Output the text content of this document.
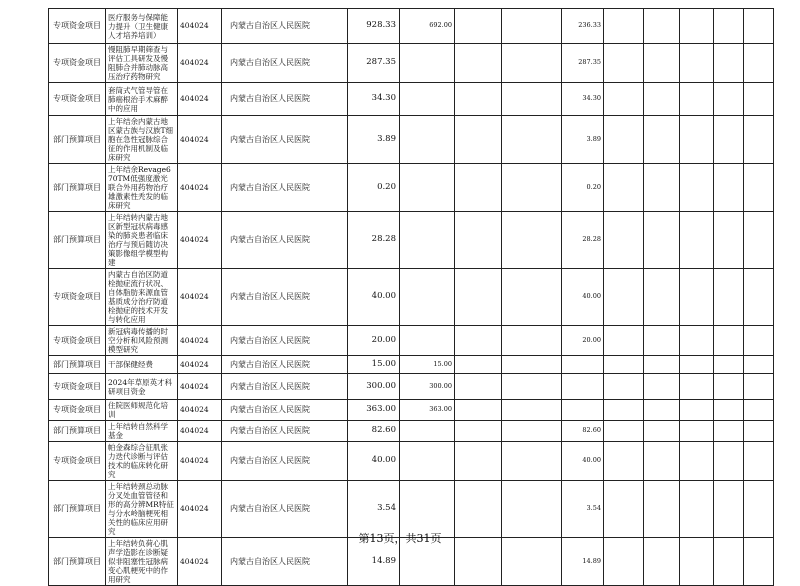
专项资金项目	医疗服务与保障能力提升（卫生健康人才培养培训）	404024	内蒙古自治区人民医院	928.33	692.00			236.33					
专项资金项目	慢阻肺早期筛查与评估工具研发及慢阻肺合并肺动脉高压治疗药物研究	404024	内蒙古自治区人民医院	287.35				287.35					
专项资金项目	套筒式气管导管在肺癌根治手术麻醉中的应用	404024	内蒙古自治区人民医院	34.30				34.30					
部门预算项目	上年结余内蒙古地区蒙古族与汉族T细胞在急性冠脉综合征的作用机制及临床研究	404024	内蒙古自治区人民医院	3.89				3.89					
部门预算项目	上年结余Revage670TM低强度激光联合外用药物治疗雄激素性秃发的临床研究	404024	内蒙古自治区人民医院	0.20				0.20					
部门预算项目	上年结转内蒙古地区新型冠状病毒感染的肺炎患者临床治疗与预后随访决策影像组学模型构建	404024	内蒙古自治区人民医院	28.28				28.28					
专项资金项目	内蒙古自治区防道栓抛症流行状况、自体脂肪来源血管基质成分治疗防道栓抛症的技术开发与转化应用	404024	内蒙古自治区人民医院	40.00				40.00					
专项资金项目	新冠病毒传播的时空分析和风险预测模型研究	404024	内蒙古自治区人民医院	20.00				20.00					
部门预算项目	干部保健经费	404024	内蒙古自治区人民医院	15.00	15.00								
专项资金项目	2024年草原英才科研项目资金	404024	内蒙古自治区人民医院	300.00	300.00								
专项资金项目	住院医师规范化培训	404024	内蒙古自治区人民医院	363.00	363.00								
部门预算项目	上年结转自然科学基金	404024	内蒙古自治区人民医院	82.60				82.60					
专项资金项目	帕金森综合征肌张力迭代诊断与评估技术的临床转化研究	404024	内蒙古自治区人民医院	40.00				40.00					
部门预算项目	上年结转颈总动脉分叉处血管管径和形的高分辨MR特征与分水岭脑梗死相关性的临床应用研究	404024	内蒙古自治区人民医院	3.54				3.54					
部门预算项目	上年结转负荷心肌声学造影在诊断疑似非阻塞性冠脉病变心肌梗死中的作用研究	404024	内蒙古自治区人民医院	14.89				14.89					
第13页，共31页
